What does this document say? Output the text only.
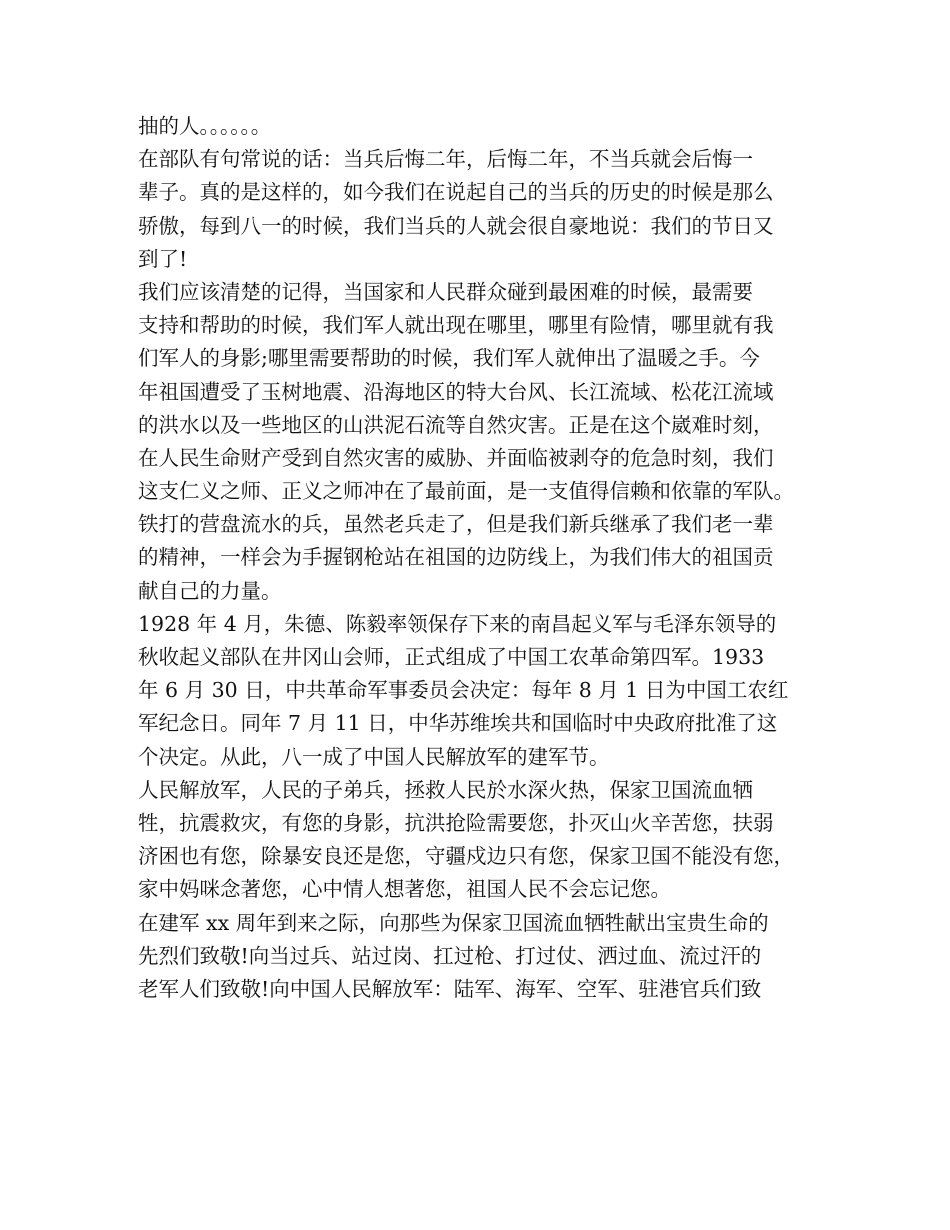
抽的人。。。。。。
在部队有句常说的话：当兵后悔二年，后悔二年，不当兵就会后悔一
辈子。真的是这样的，如今我们在说起自己的当兵的历史的时候是那么
骄傲，每到八一的时候，我们当兵的人就会很自豪地说：我们的节日又
到了!
我们应该清楚的记得，当国家和人民群众碰到最困难的时候，最需要
支持和帮助的时候，我们军人就出现在哪里，哪里有险情，哪里就有我
们军人的身影;哪里需要帮助的时候，我们军人就伸出了温暖之手。今
年祖国遭受了玉树地震、沿海地区的特大台风、长江流域、松花江流域
的洪水以及一些地区的山洪泥石流等自然灾害。正是在这个崴难时刻，
在人民生命财产受到自然灾害的威胁、并面临被剥夺的危急时刻，我们
这支仁义之师、正义之师冲在了最前面，是一支值得信赖和依靠的军队。
铁打的营盘流水的兵，虽然老兵走了，但是我们新兵继承了我们老一辈
的精神，一样会为手握钢枪站在祖国的边防线上，为我们伟大的祖国贡
献自己的力量。
1928 年 4 月，朱德、陈毅率领保存下来的南昌起义军与毛泽东领导的
秋收起义部队在井冈山会师，正式组成了中国工农革命第四军。1933
年 6 月 30 日，中共革命军事委员会决定：每年 8 月 1 日为中国工农红
军纪念日。同年 7 月 11 日，中华苏维埃共和国临时中央政府批准了这
个决定。从此，八一成了中国人民解放军的建军节。
人民解放军，人民的子弟兵，拯救人民於水深火热，保家卫国流血牺
牲，抗震救灾，有您的身影，抗洪抢险需要您，扑灭山火辛苦您，扶弱
济困也有您，除暴安良还是您，守疆戍边只有您，保家卫国不能没有您，
家中妈咪念著您，心中情人想著您，祖国人民不会忘记您。
在建军 xx 周年到来之际，向那些为保家卫国流血牺牲献出宝贵生命的
先烈们致敬!向当过兵、站过岗、扛过枪、打过仗、洒过血、流过汗的
老军人们致敬!向中国人民解放军：陆军、海军、空军、驻港官兵们致
